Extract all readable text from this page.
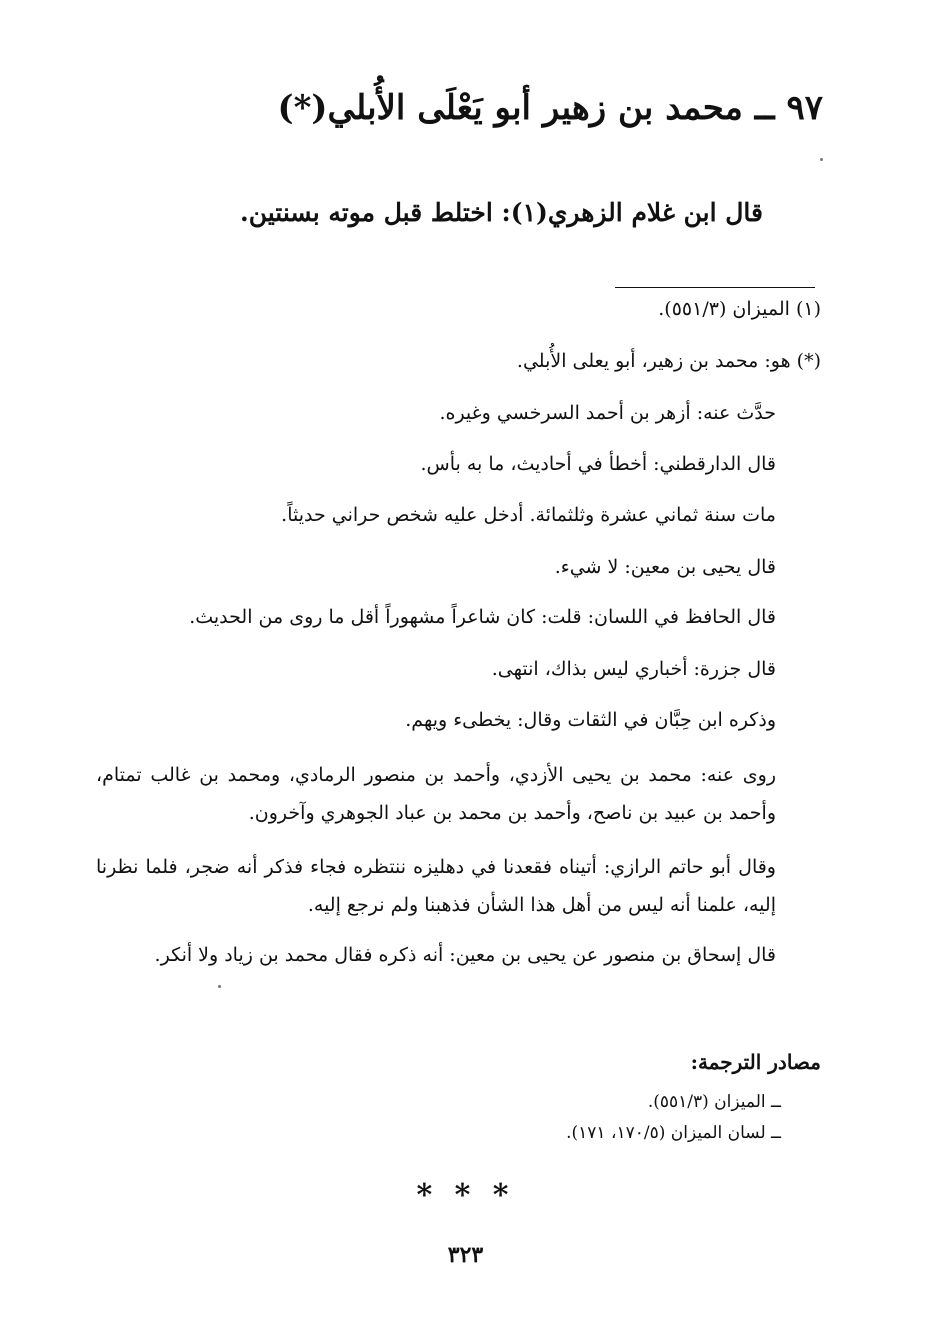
٩٧ ــ محمد بن زهير أبو يَعْلَى الأُبلي(*)
قال ابن غلام الزهري(١): اختلط قبل موته بسنتين.
(١) الميزان (٥٥١/٣).
(*) هو: محمد بن زهير، أبو يعلى الأُبلي.
حدَّث عنه: أزهر بن أحمد السرخسي وغيره.
قال الدارقطني: أخطأ في أحاديث، ما به بأس.
مات سنة ثماني عشرة وثلثمائة. أدخل عليه شخص حراني حديثاً.
قال يحيى بن معين: لا شيء.
قال الحافظ في اللسان: قلت: كان شاعراً مشهوراً أقل ما روى من الحديث.
قال جزرة: أخباري ليس بذاك، انتهى.
وذكره ابن حِبَّان في الثقات وقال: يخطىء ويهم.
روى عنه: محمد بن يحيى الأزدي، وأحمد بن منصور الرمادي، ومحمد بن غالب تمتام، وأحمد بن عبيد بن ناصح، وأحمد بن محمد بن عباد الجوهري وآخرون.
وقال أبو حاتم الرازي: أتيناه فقعدنا في دهليزه ننتظره فجاء فذكر أنه ضجر، فلما نظرنا إليه، علمنا أنه ليس من أهل هذا الشأن فذهبنا ولم نرجع إليه.
قال إسحاق بن منصور عن يحيى بن معين: أنه ذكره فقال محمد بن زياد ولا أنكر.
مصادر الترجمة:
ــ الميزان (٥٥١/٣).
ــ لسان الميزان (١٧٠/٥، ١٧١).
* * *
٣٢٣
